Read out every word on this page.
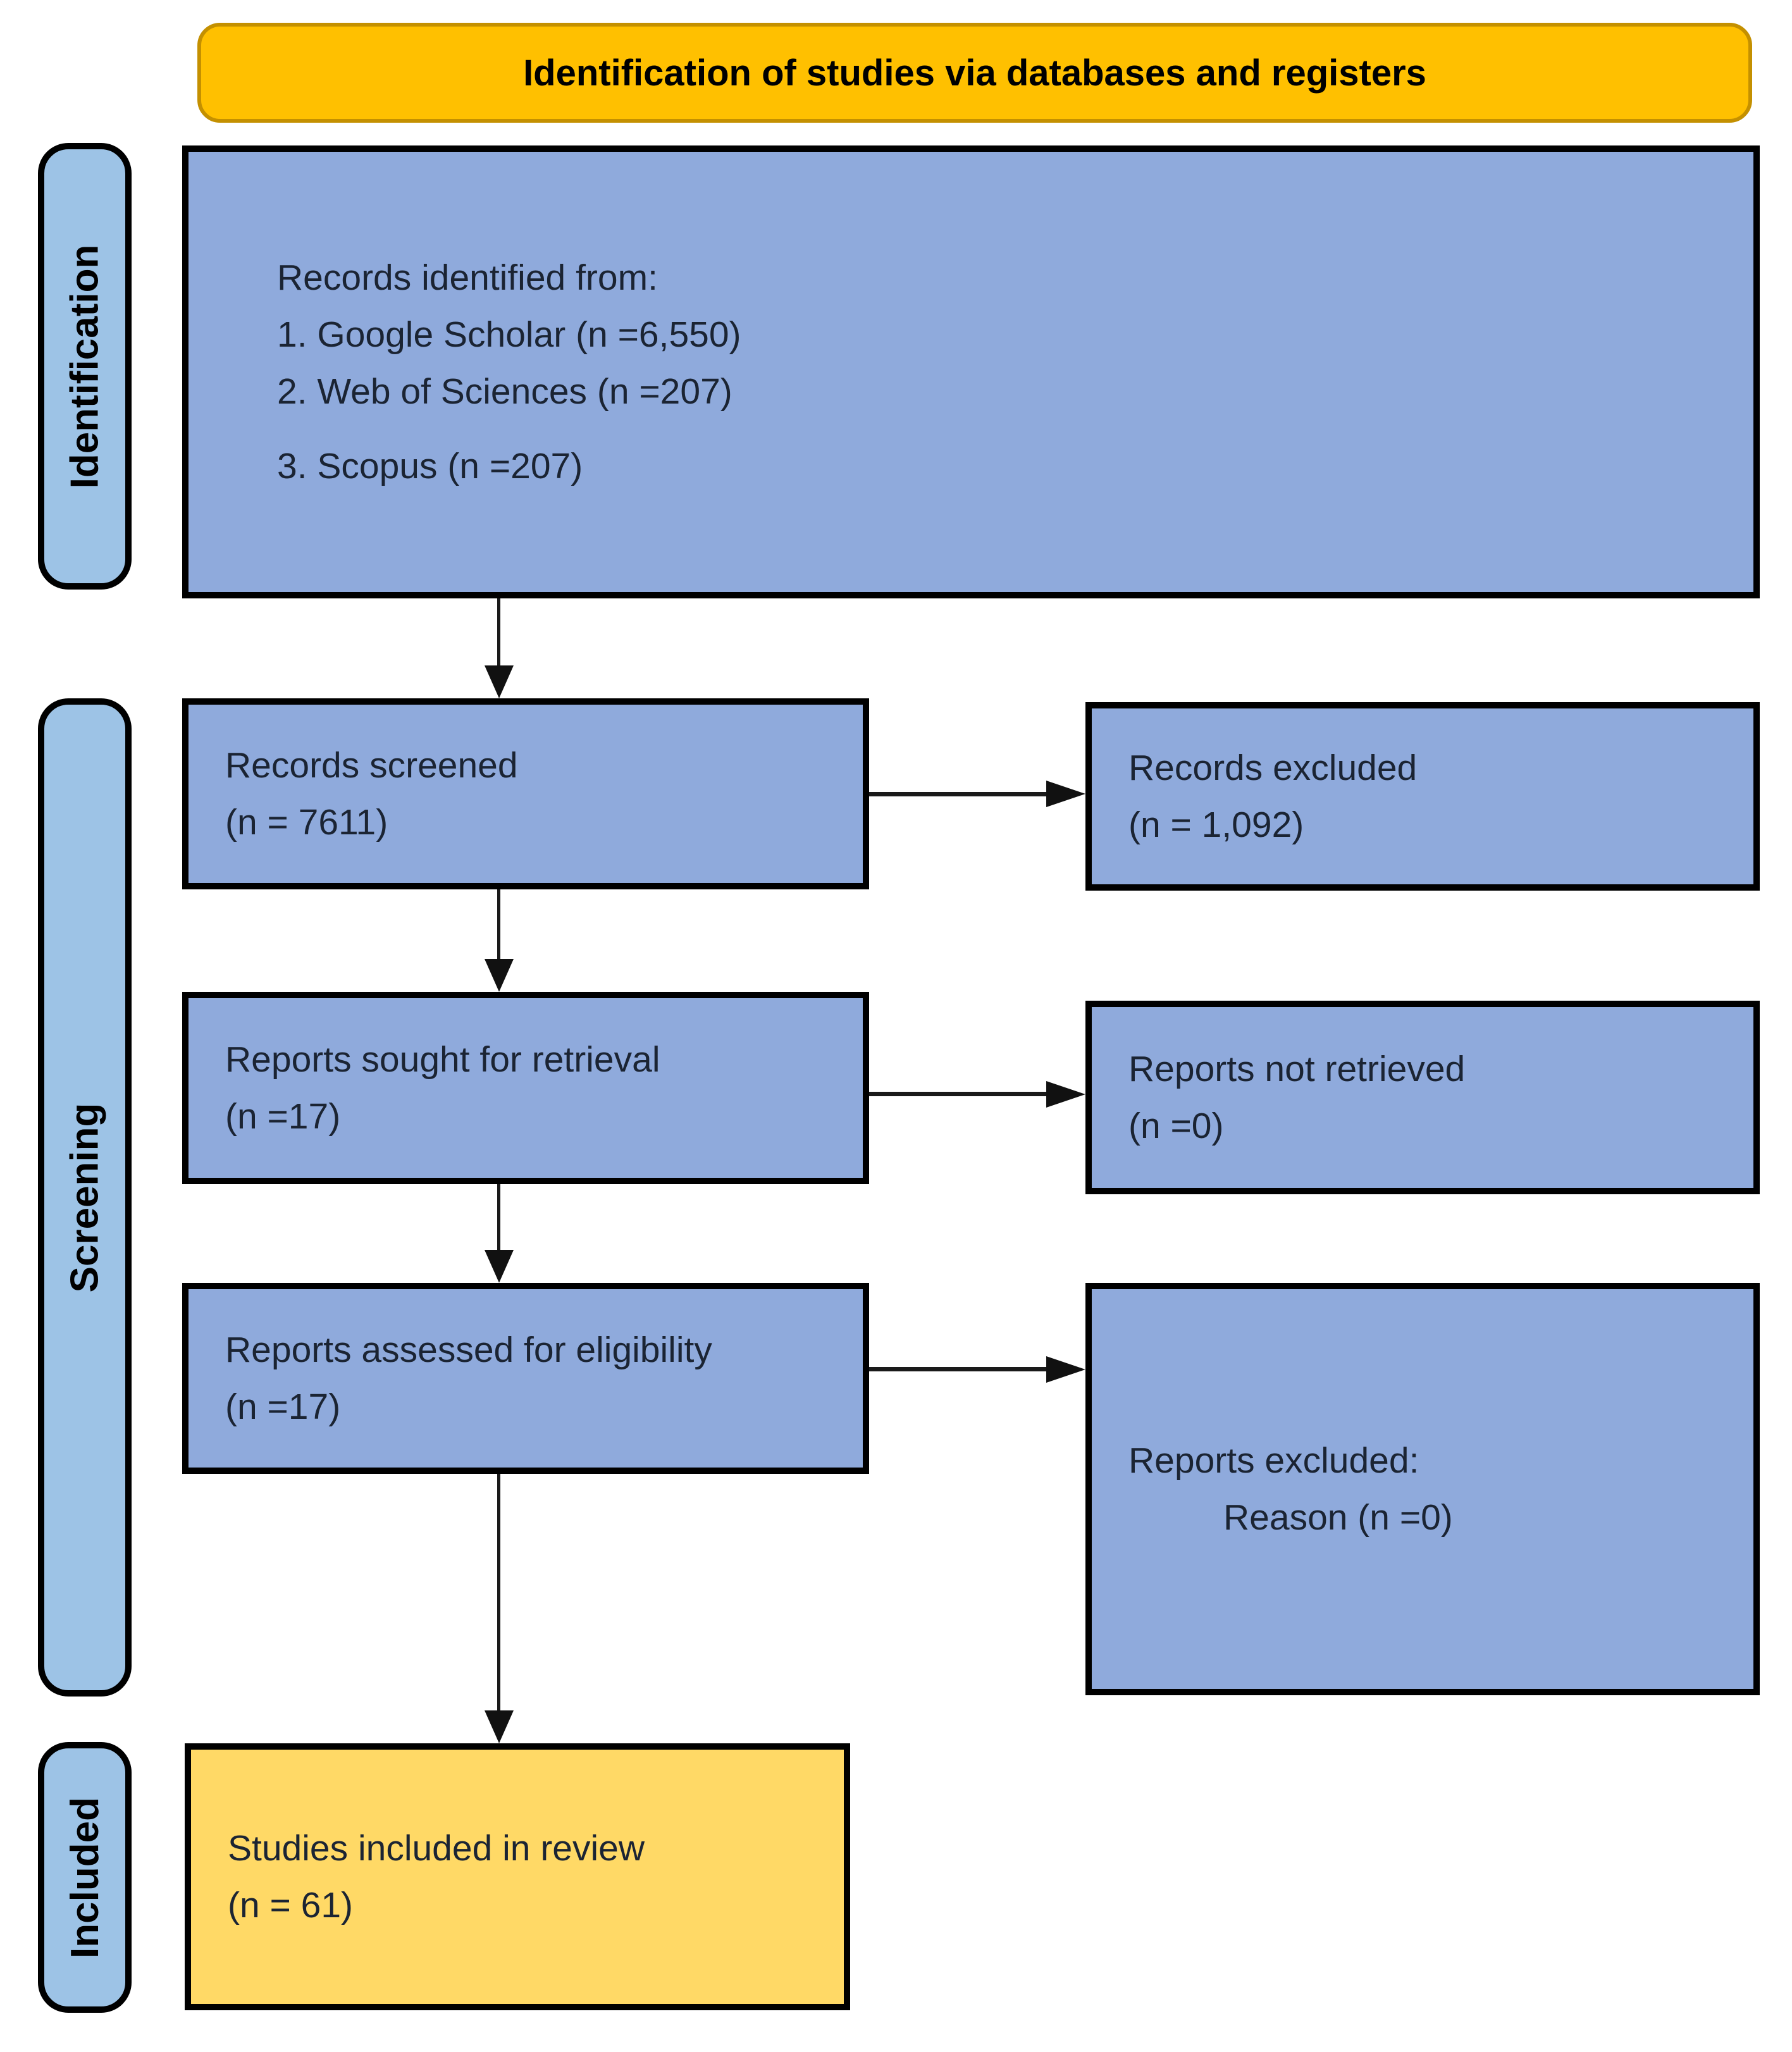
Identification of studies via databases and registers
Identification
Screening
Included
Records identified from:
1. Google Scholar (n =6,550)
2. Web of Sciences (n =207)
3. Scopus (n =207)
Records screened
(n = 7611)
Records excluded
(n = 1,092)
Reports sought for retrieval
(n =17)
Reports not retrieved
(n =0)
Reports assessed for eligibility
(n =17)
Reports excluded:
Reason (n =0)
Studies included in review
(n = 61)
